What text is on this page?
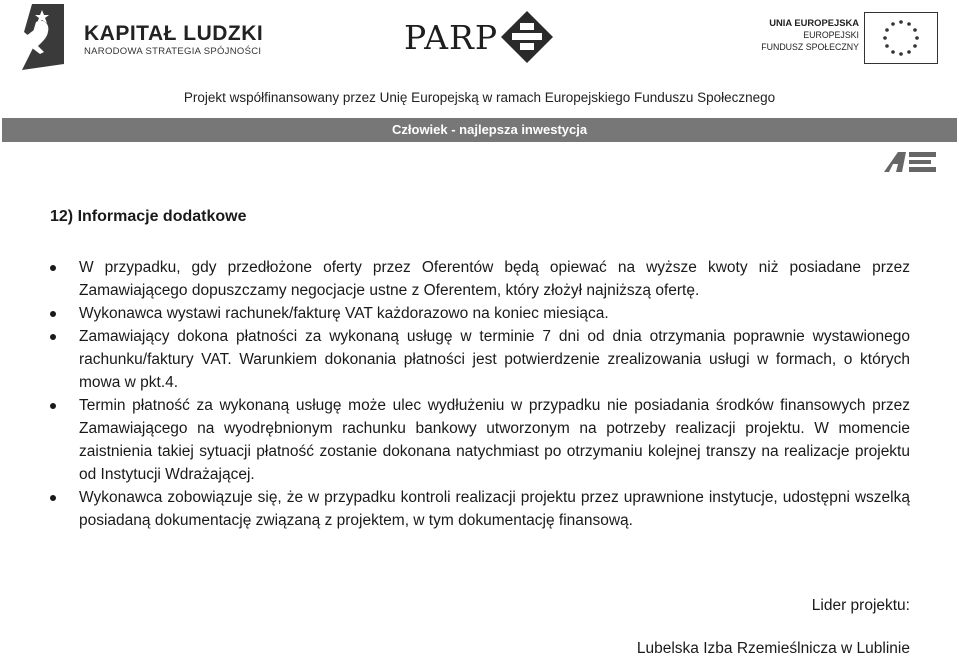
KAPITAŁ LUDZKI
NARODOWA STRATEGIA SPÓJNOŚCI	PARP	UNIA EUROPEJSKA
EUROPEJSKI
FUNDUSZ SPOŁECZNY
Projekt współfinansowany przez Unię Europejską w ramach Europejskiego Funduszu Społecznego
Człowiek - najlepsza inwestycja
12) Informacje dodatkowe
W przypadku, gdy przedłożone oferty przez Oferentów będą opiewać na wyższe kwoty niż posiadane przez Zamawiającego dopuszczamy negocjacje ustne z Oferentem, który złożył najniższą ofertę.
Wykonawca wystawi rachunek/fakturę VAT każdorazowo na koniec miesiąca.
Zamawiający dokona płatności za wykonaną usługę w terminie 7 dni od dnia otrzymania poprawnie wystawionego rachunku/faktury VAT. Warunkiem dokonania płatności jest potwierdzenie zrealizowania usługi w formach, o których mowa w pkt.4.
Termin płatność za wykonaną usługę może ulec wydłużeniu w przypadku nie posiadania środków finansowych przez Zamawiającego na wyodrębnionym rachunku bankowy utworzonym na potrzeby realizacji projektu. W momencie zaistnienia takiej sytuacji płatność zostanie dokonana natychmiast po otrzymaniu kolejnej transzy na realizacje projektu od Instytucji Wdrażającej.
Wykonawca zobowiązuje się, że w przypadku kontroli realizacji projektu przez uprawnione instytucje, udostępni wszelką posiadaną dokumentację związaną z projektem, w tym dokumentację finansową.
Lider projektu:
Lubelska Izba Rzemieślnicza w Lublinie
